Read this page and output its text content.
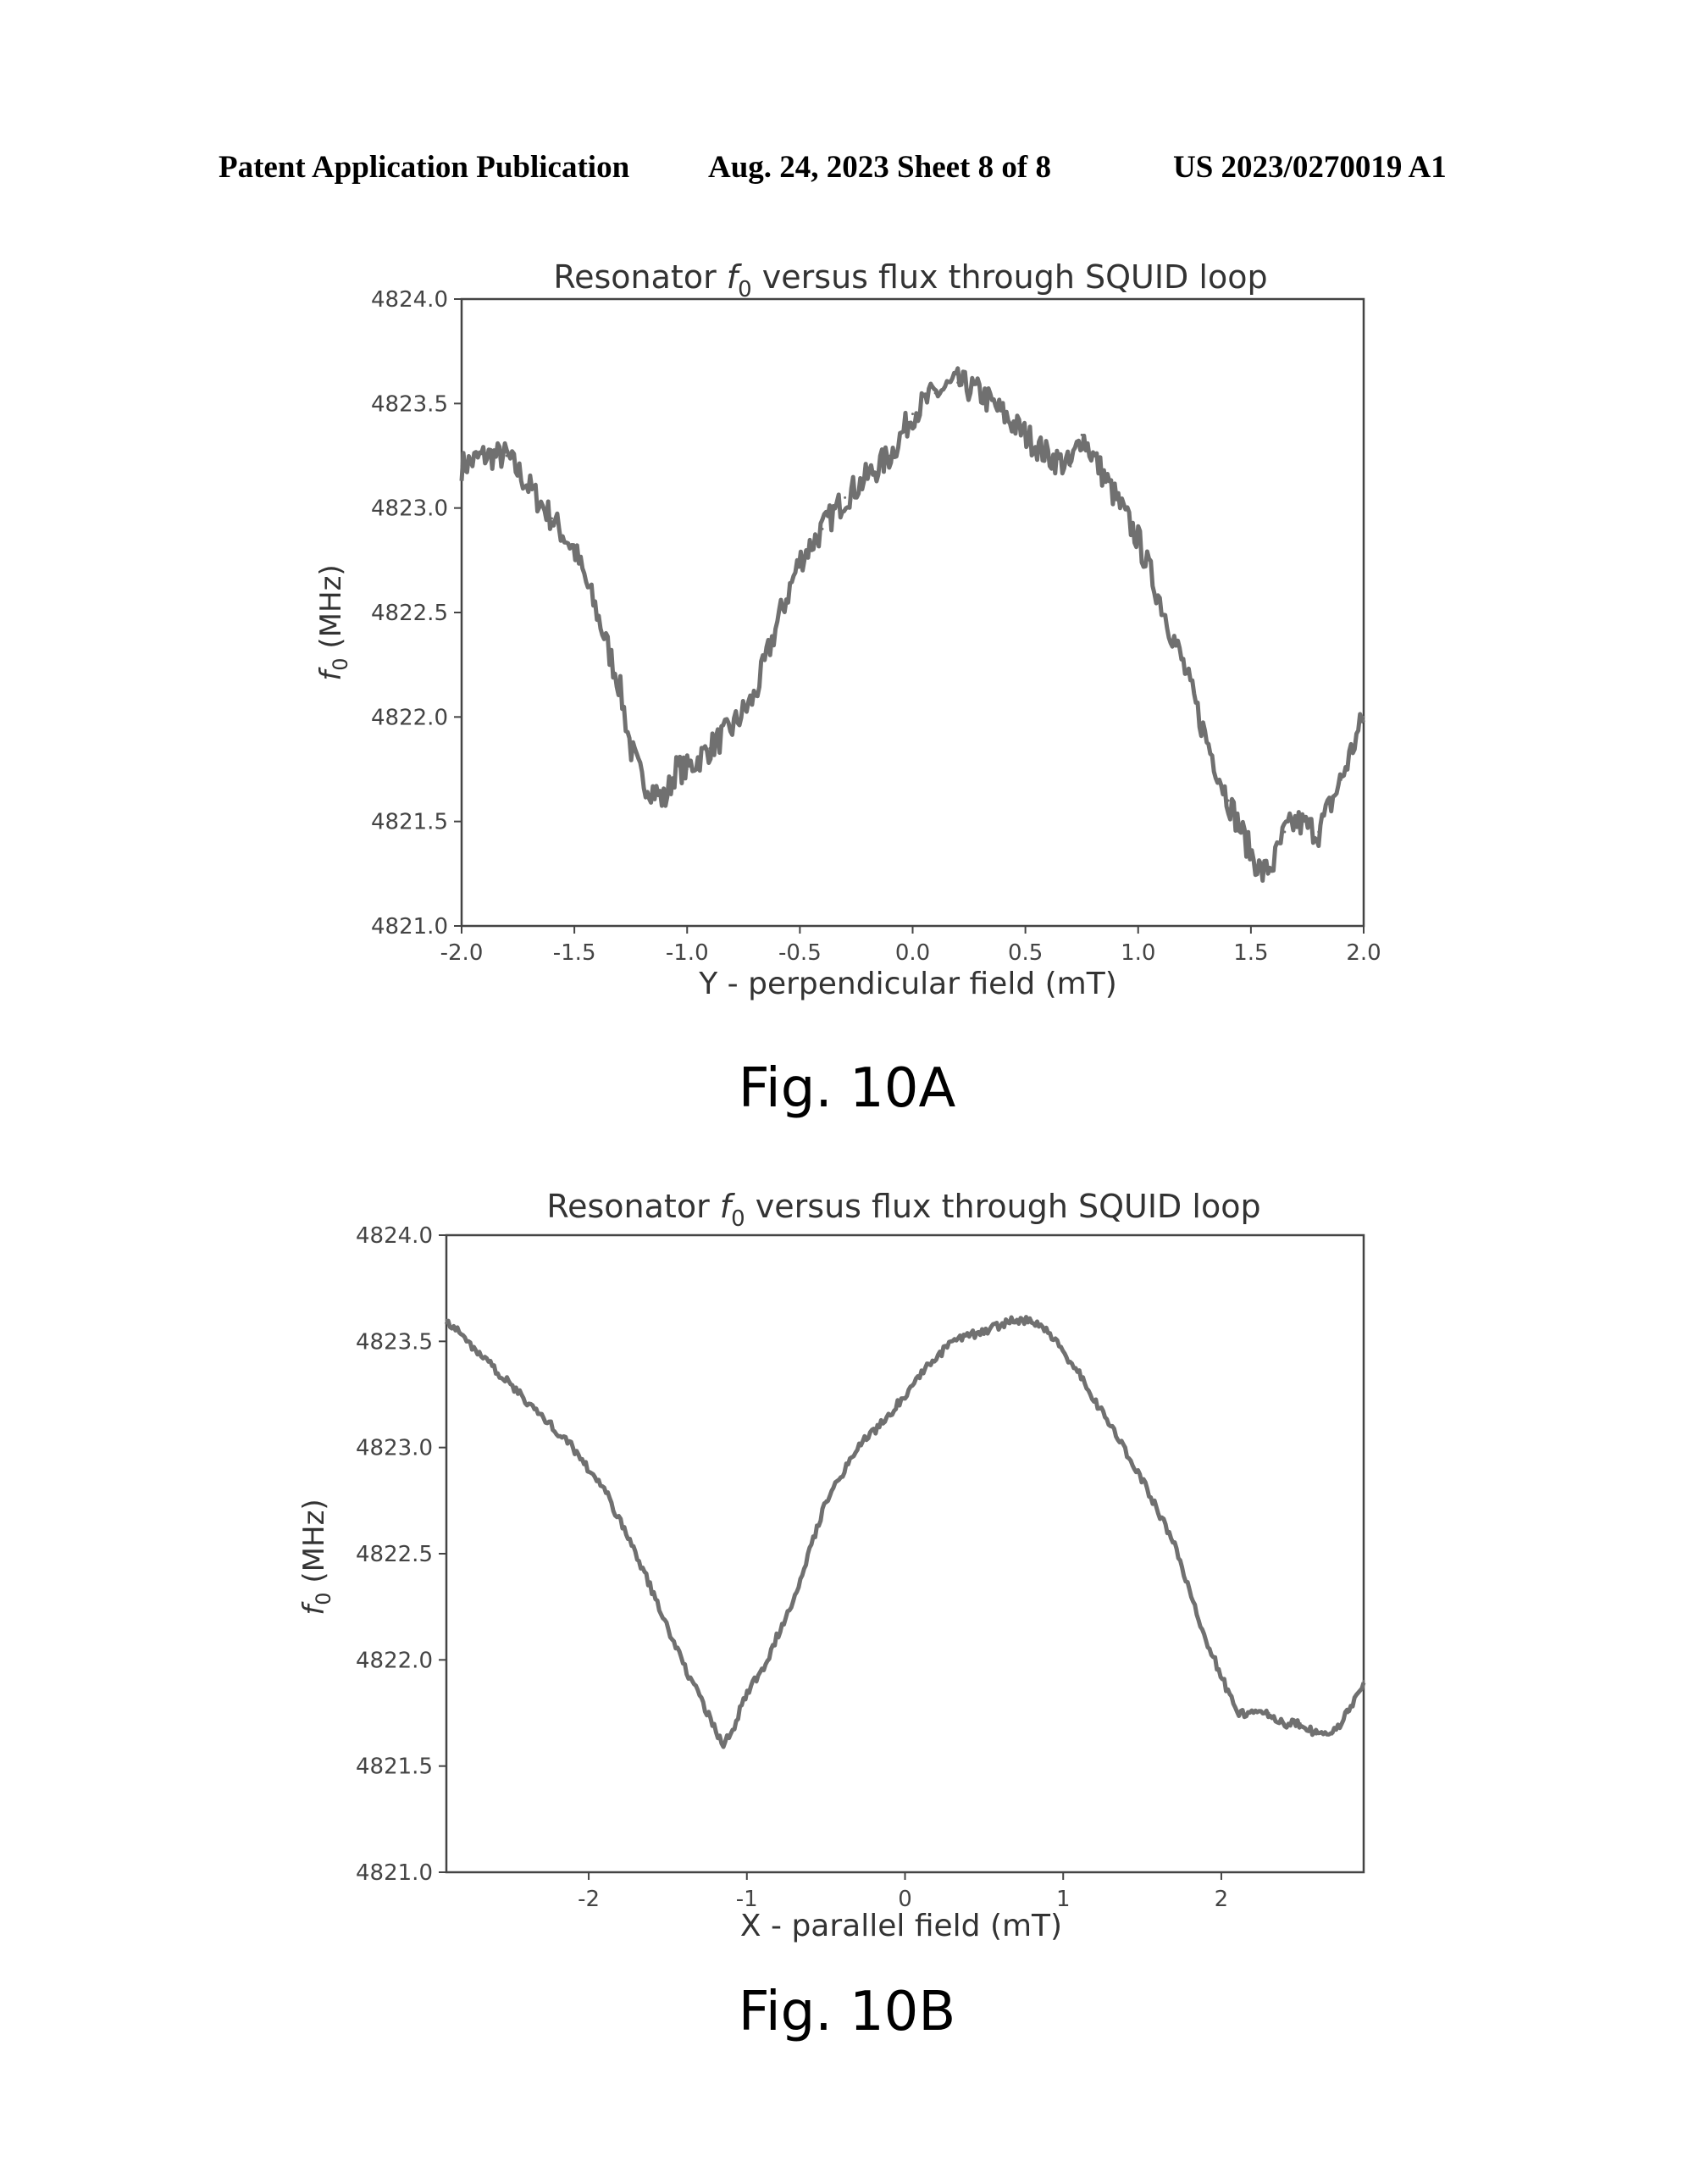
Patent Application Publication	Aug. 24, 2023 Sheet 8 of 8	US 2023/0270019 A1
Resonator $f_0$ versus flux through SQUID loop
4821.0
4821.5
4822.0
4822.5
4823.0
4823.5
4824.0
-2.0	-1.5	-1.0	-0.5	0.0	0.5	1.0	1.5	2.0
$f_0$ (MHz)
Y - perpendicular field (mT)
Fig. 10A
Resonator $f_0$ versus flux through SQUID loop
4821.0
4821.5
4822.0
4822.5
4823.0
4823.5
4824.0
-2	-1	0	1	2
$f_0$ (MHz)
X - parallel field (mT)
Fig. 10B
